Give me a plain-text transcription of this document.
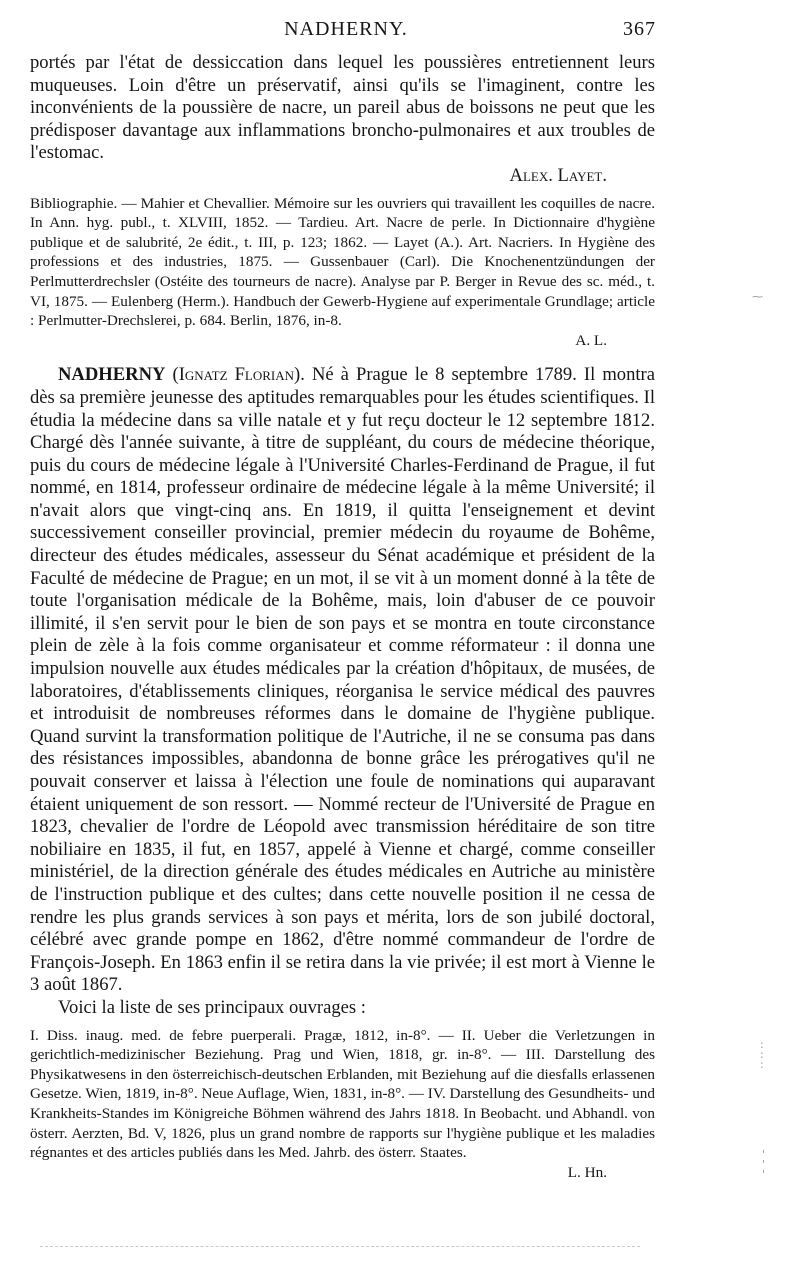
NADHERNY.	367

portés par l'état de dessiccation dans lequel les poussières entretiennent leurs muqueuses. Loin d'être un préservatif, ainsi qu'ils se l'imaginent, contre les inconvénients de la poussière de nacre, un pareil abus de boissons ne peut que les prédisposer davantage aux inflammations broncho-pulmonaires et aux troubles de l'estomac.
Alex. Layet.

Bibliographie. — Mahier et Chevallier. Mémoire sur les ouvriers qui travaillent les coquilles de nacre. In Ann. hyg. publ., t. XLVIII, 1852. — Tardieu. Art. Nacre de perle. In Dictionnaire d'hygiène publique et de salubrité, 2e édit., t. III, p. 123; 1862. — Layet (A.). Art. Nacriers. In Hygiène des professions et des industries, 1875. — Gussenbauer (Carl). Die Knochenentzündungen der Perlmutterdrechsler (Ostéite des tourneurs de nacre). Analyse par P. Berger in Revue des sc. méd., t. VI, 1875. — Eulenberg (Herm.). Handbuch der Gewerb-Hygiene auf experimentale Grundlage; article : Perlmutter-Drechslerei, p. 684. Berlin, 1876, in-8.
A. L.

NADHERNY (Ignatz Florian). Né à Prague le 8 septembre 1789. Il montra dès sa première jeunesse des aptitudes remarquables pour les études scientifiques. Il étudia la médecine dans sa ville natale et y fut reçu docteur le 12 septembre 1812. Chargé dès l'année suivante, à titre de suppléant, du cours de médecine théorique, puis du cours de médecine légale à l'Université Charles-Ferdinand de Prague, il fut nommé, en 1814, professeur ordinaire de médecine légale à la même Université; il n'avait alors que vingt-cinq ans. En 1819, il quitta l'enseignement et devint successivement conseiller provincial, premier médecin du royaume de Bohême, directeur des études médicales, assesseur du Sénat académique et président de la Faculté de médecine de Prague; en un mot, il se vit à un moment donné à la tête de toute l'organisation médicale de la Bohême, mais, loin d'abuser de ce pouvoir illimité, il s'en servit pour le bien de son pays et se montra en toute circonstance plein de zèle à la fois comme organisateur et comme réformateur : il donna une impulsion nouvelle aux études médicales par la création d'hôpitaux, de musées, de laboratoires, d'établissements cliniques, réorganisa le service médical des pauvres et introduisit de nombreuses réformes dans le domaine de l'hygiène publique. Quand survint la transformation politique de l'Autriche, il ne se consuma pas dans des résistances impossibles, abandonna de bonne grâce les prérogatives qu'il ne pouvait conserver et laissa à l'élection une foule de nominations qui auparavant étaient uniquement de son ressort. — Nommé recteur de l'Université de Prague en 1823, chevalier de l'ordre de Léopold avec transmission héréditaire de son titre nobiliaire en 1835, il fut, en 1857, appelé à Vienne et chargé, comme conseiller ministériel, de la direction générale des études médicales en Autriche au ministère de l'instruction publique et des cultes; dans cette nouvelle position il ne cessa de rendre les plus grands services à son pays et mérita, lors de son jubilé doctoral, célébré avec grande pompe en 1862, d'être nommé commandeur de l'ordre de François-Joseph. En 1863 enfin il se retira dans la vie privée; il est mort à Vienne le 3 août 1867.

Voici la liste de ses principaux ouvrages :

I. Diss. inaug. med. de febre puerperali. Pragæ, 1812, in-8°. — II. Ueber die Verletzungen in gerichtlich-medizinischer Beziehung. Prag und Wien, 1818, gr. in-8°. — III. Darstellung des Physikatwesens in den österreichisch-deutschen Erblanden, mit Beziehung auf die diesfalls erlassenen Gesetze. Wien, 1819, in-8°. Neue Auflage, Wien, 1831, in-8°. — IV. Darstellung des Gesundheits- und Krankheits-Standes im Königreiche Böhmen während des Jahrs 1818. In Beobacht. und Abhandl. von österr. Aerzten, Bd. V, 1826, plus un grand nombre de rapports sur l'hygiène publique et les maladies régnantes et des articles publiés dans les Med. Jahrb. des österr. Staates.
L. Hn.

⁓
:
:
:
'
'
'
